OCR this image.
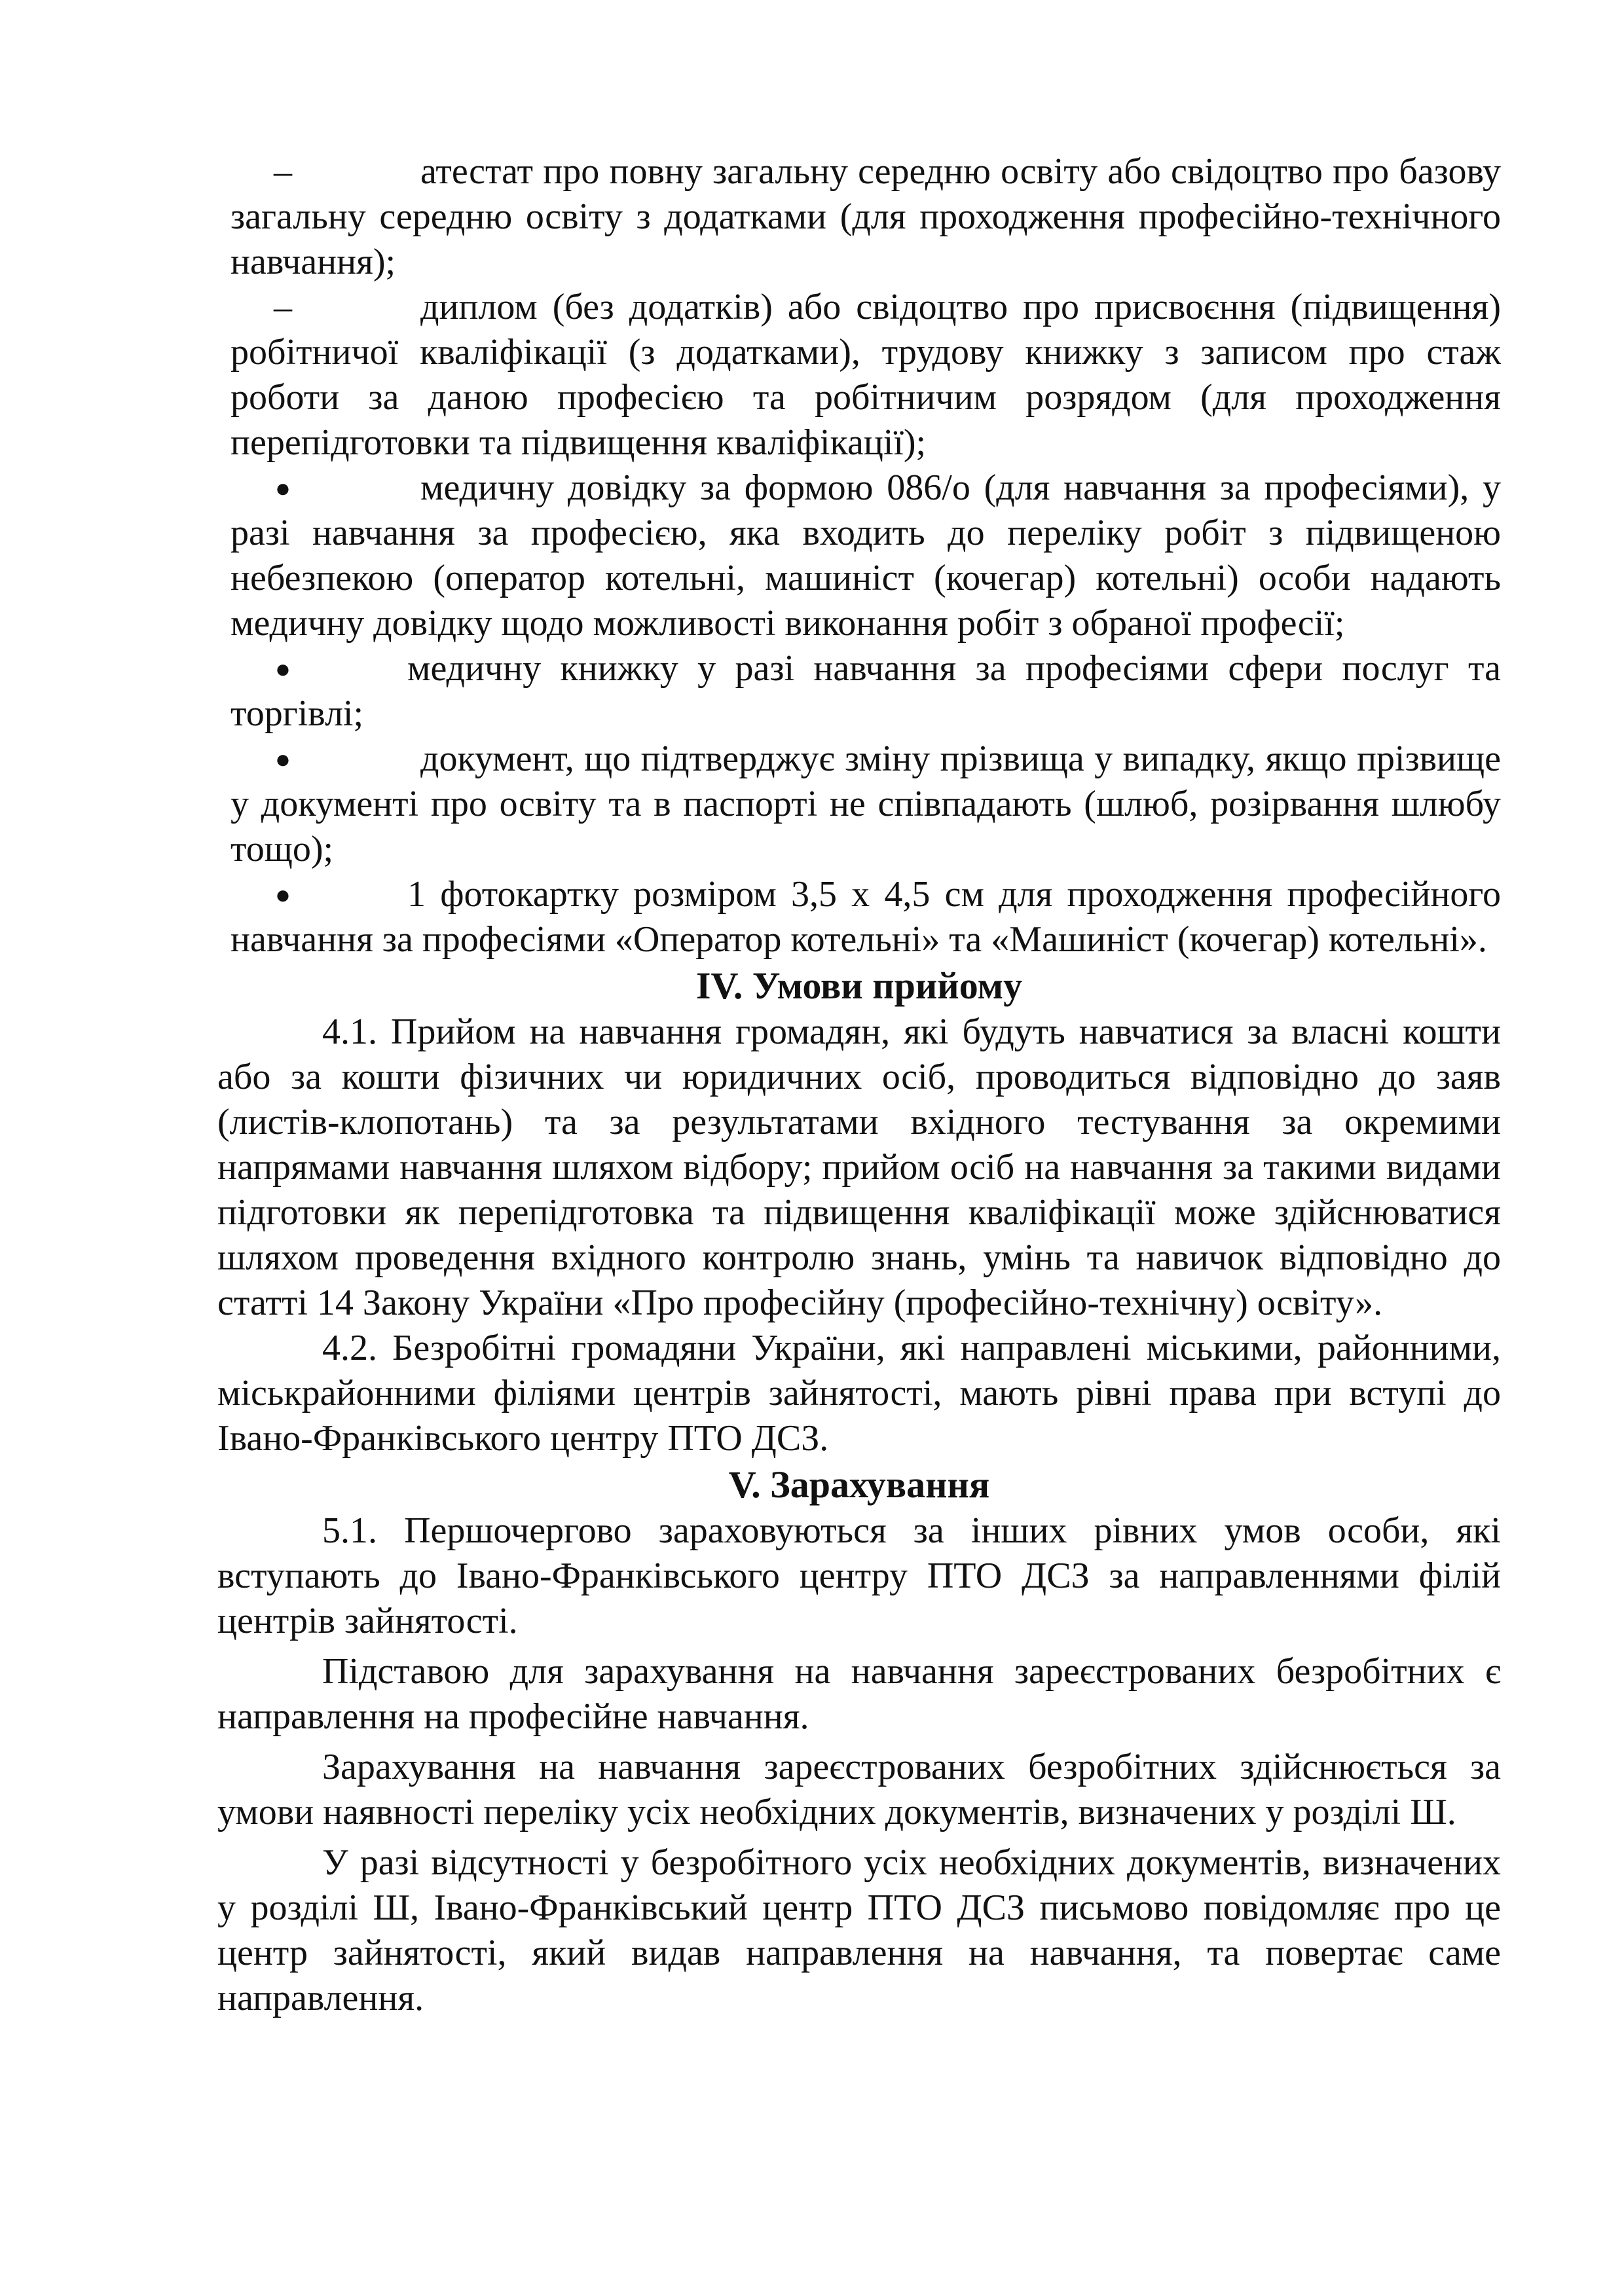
–	атестат про повну загальну середню освіту або свідоцтво про базову загальну середню освіту з додатками (для проходження професійно-технічного навчання);
–	диплом (без додатків) або свідоцтво про присвоєння (підвищення) робітничої кваліфікації (з додатками), трудову книжку з записом про стаж роботи за даною професією та робітничим розрядом (для проходження перепідготовки та підвищення кваліфікації);
●	медичну довідку за формою 086/о (для навчання за професіями), у разі навчання за професією, яка входить до переліку робіт з підвищеною небезпекою (оператор котельні, машиніст (кочегар) котельні) особи надають медичну довідку щодо можливості виконання робіт з обраної професії;
●	медичну книжку у разі навчання за професіями сфери послуг та торгівлі;
●	документ, що підтверджує зміну прізвища у випадку, якщо прізвище у документі про освіту та в паспорті не співпадають (шлюб, розірвання шлюбу тощо);
●	1 фотокартку розміром 3,5 х 4,5 см для проходження професійного навчання за професіями «Оператор котельні» та «Машиніст (кочегар) котельні».

IV. Умови прийому

4.1. Прийом на навчання громадян, які будуть навчатися за власні кошти або за кошти фізичних чи юридичних осіб, проводиться відповідно до заяв (листів-клопотань) та за результатами вхідного тестування за окремими напрямами навчання шляхом відбору; прийом осіб на навчання за такими видами підготовки як перепідготовка та підвищення кваліфікації може здійснюватися шляхом проведення вхідного контролю знань, умінь та навичок відповідно до статті 14 Закону України «Про професійну (професійно-технічну) освіту».

4.2. Безробітні громадяни України, які направлені міськими, районними, міськрайонними філіями центрів зайнятості, мають рівні права при вступі до Івано-Франківського центру ПТО ДСЗ.

V. Зарахування

5.1. Першочергово зараховуються за інших рівних умов особи, які вступають до Івано-Франківського центру ПТО ДСЗ за направленнями філій центрів зайнятості.

Підставою для зарахування на навчання зареєстрованих безробітних є направлення на професійне навчання.

Зарахування на навчання зареєстрованих безробітних здійснюється за умови наявності переліку усіх необхідних документів, визначених у розділі Ш.

У разі відсутності у безробітного усіх необхідних документів, визначених у розділі Ш, Івано-Франківський центр ПТО ДСЗ письмово повідомляє про це центр зайнятості, який видав направлення на навчання, та повертає саме направлення.
